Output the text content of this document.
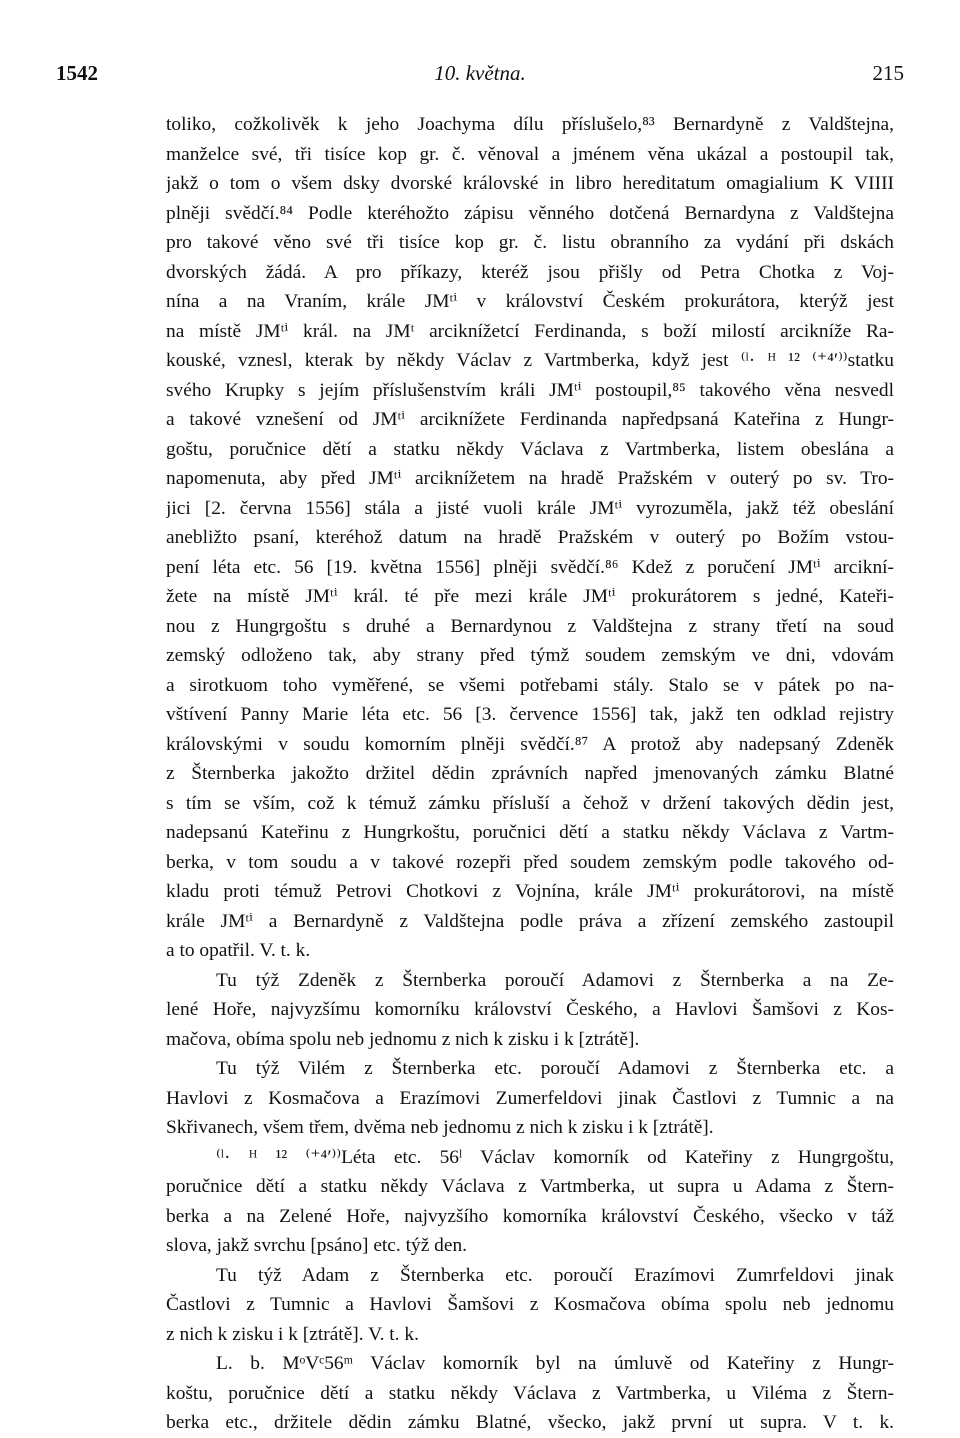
1542	10. května.	215
toliko, cožkolivěk k jeho Joachyma dílu příslušelo,⁸³ Bernardyně z Valdštejna,
manželce své, tři tisíce kop gr. č. věnoval a jménem věna ukázal a postoupil tak,
jakž o tom o všem dsky dvorské královské in libro hereditatum omagialium K VIIII
plněji svědčí.⁸⁴ Podle kteréhožto zápisu věnného dotčená Bernardyna z Valdštejna
pro takové věno své tři tisíce kop gr. č. listu obranního za vydání při dskách
dvorských žádá. A pro příkazy, kteréž jsou přišly od Petra Chotka z Voj-
nína a na Vraním, krále JMᵗⁱ v království Českém prokurátora, kterýž jest
na místě JMᵗⁱ král. na JMᵗ arciknížetcí Ferdinanda, s boží milostí arciknížе Ra-
kouské, vznesl, kterak by někdy Václav z Vartmberka, když jest ⁽ˡ· ᴴ ¹² ⁽⁺⁴ʹ⁾⁾statku
svého Krupky s jejím příslušenstvím králi JMᵗⁱ postoupil,⁸⁵ takového věna nesvedl
a takové vznešení od JMᵗⁱ arciknížete Ferdinanda napředpsaná Kateřina z Hungr-
goštu, poručnice dětí a statku někdy Václava z Vartmberka, listem obeslána a
napomenuta, aby před JMᵗⁱ arciknížetem na hradě Pražském v outerý po sv. Tro-
jici [2. června 1556] stála a jisté vuoli krále JMᵗⁱ vyrozuměla, jakž též obeslání
anebližto psaní, kteréhož datum na hradě Pražském v outerý po Božím vstou-
pení léta etc. 56 [19. května 1556] plněji svědčí.⁸⁶ Kdež z poručení JMᵗⁱ arcikní-
žete na místě JMᵗⁱ král. té pře mezi krále JMᵗⁱ prokurátorem s jedné, Kateři-
nou z Hungrgoštu s druhé a Bernardynou z Valdštejna z strany třetí na soud
zemský odloženo tak, aby strany před týmž soudem zemským ve dni, vdovám
a sirotkuom toho vyměřené, se všemi potřebami stály. Stalo se v pátek po na-
vštívení Panny Marie léta etc. 56 [3. července 1556] tak, jakž ten odklad rejistry
královskými v soudu komorním plněji svědčí.⁸⁷ A protož aby nadepsaný Zdeněk
z Šternberka jakožto držitel dědin zprávních napřed jmenovaných zámku Blatné
s tím se vším, což k témuž zámku přísluší a čehož v držení takových dědin jest,
nadepsanú Kateřinu z Hungrkoštu, poručnici dětí a statku někdy Václava z Vartm-
berka, v tom soudu a v takové rozepři před soudem zemským podle takového od-
kladu proti témuž Petrovi Chotkovi z Vojnína, krále JMᵗⁱ prokurátorovi, na místě
krále JMᵗⁱ a Bernardyně z Valdštejna podle práva a zřízení zemského zastoupil
a to opatřil. V. t. k.
Tu týž Zdeněk z Šternberka poroučí Adamovi z Šternberka a na Ze-
lené Hoře, najvyzšímu komorníku království Českého, a Havlovi Šamšovi z Kos-
mačova, obíma spolu neb jednomu z nich k zisku i k [ztrátě].
Tu týž Vilém z Šternberka etc. poroučí Adamovi z Šternberka etc. a
Havlovi z Kosmačova a Erazímovi Zumerfeldovi jinak Častlovi z Tumnic a na
Skřivanech, všem třem, dvěma neb jednomu z nich k zisku i k [ztrátě].
⁽ˡ· ᴴ ¹² ⁽⁺⁴ʹ⁾⁾Léta etc. 56ˡ Václav komorník od Kateřiny z Hungrgoštu,
poručnice dětí a statku někdy Václava z Vartmberka, ut supra u Adama z Štern-
berka a na Zelené Hoře, najvyzšího komorníka království Českého, všecko v táž
slova, jakž svrchu [psáno] etc. týž den.
Tu týž Adam z Šternberka etc. poroučí Erazímovi Zumrfeldovi jinak
Častlovi z Tumnic a Havlovi Šamšovi z Kosmačova obíma spolu neb jednomu
z nich k zisku i k [ztrátě]. V. t. k.
L. b. MᵒVᶜ56ᵐ Václav komorník byl na úmluvě od Kateřiny z Hungr-
koštu, poručnice dětí a statku někdy Václava z Vartmberka, u Viléma z Štern-
berka etc., držitele dědin zámku Blatné, všecko, jakž první ut supra. V t. k.
